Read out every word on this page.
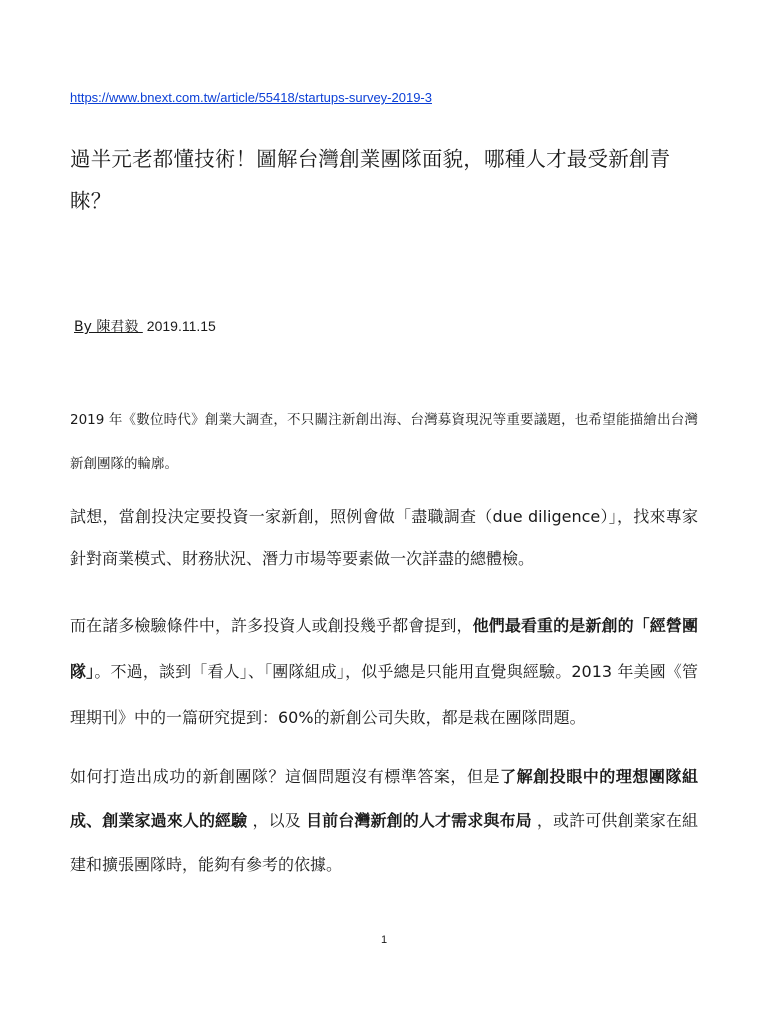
https://www.bnext.com.tw/article/55418/startups-survey-2019-3
過半元老都懂技術！圖解台灣創業團隊面貌，哪種人才最受新創青睞？
By 陳君毅 2019.11.15

2019 年《數位時代》創業大調查，不只關注新創出海、台灣募資現況等重要議題，也希望能描繪出台灣新創團隊的輪廓。

試想，當創投決定要投資一家新創，照例會做「盡職調查（due diligence）」，找來專家針對商業模式、財務狀況、潛力市場等要素做一次詳盡的總體檢。

而在諸多檢驗條件中，許多投資人或創投幾乎都會提到，他們最看重的是新創的「經營團隊」。不過，談到「看人」、「團隊組成」，似乎總是只能用直覺與經驗。2013 年美國《管理期刊》中的一篇研究提到：60%的新創公司失敗，都是栽在團隊問題。

如何打造出成功的新創團隊？這個問題沒有標準答案，但是了解創投眼中的理想團隊組成、創業家過來人的經驗 ，以及 目前台灣新創的人才需求與布局 ，或許可供創業家在組建和擴張團隊時，能夠有參考的依據。

1
